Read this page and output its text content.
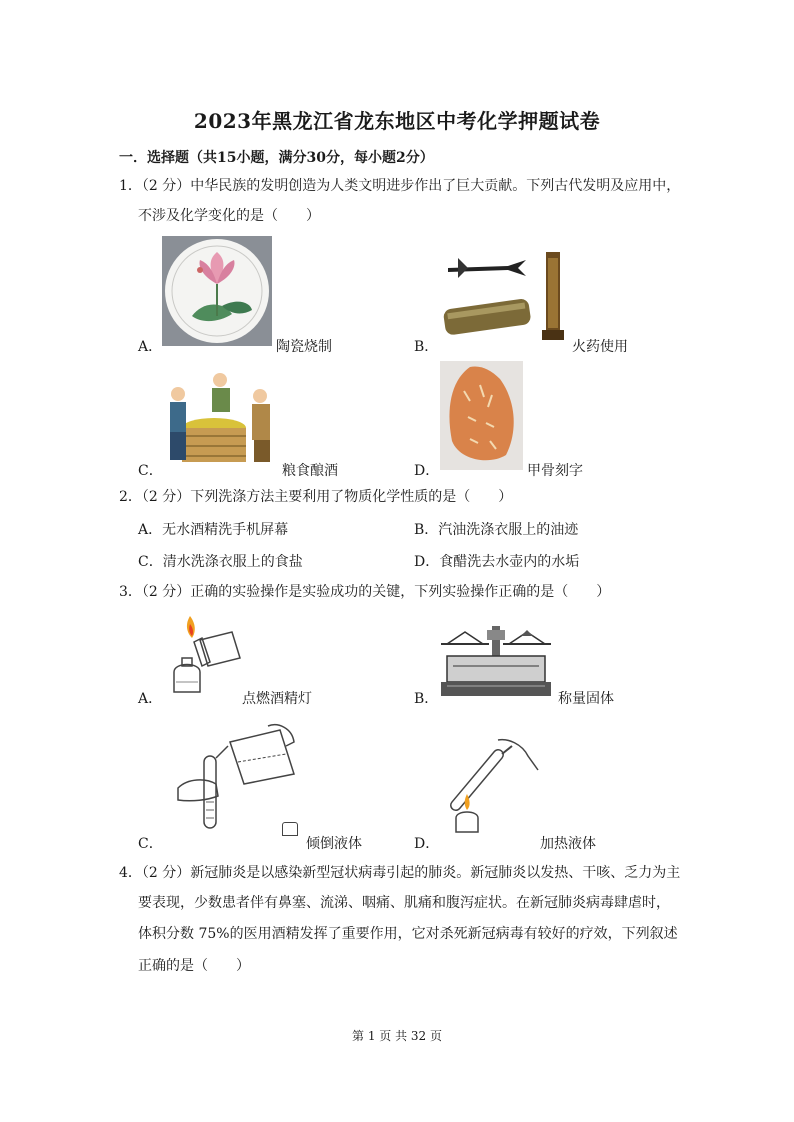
2023年黑龙江省龙东地区中考化学押题试卷
一．选择题（共15小题，满分30分，每小题2分）
1．（2 分）中华民族的发明创造为人类文明进步作出了巨大贡献。下列古代发明及应用中，
不涉及化学变化的是（　　）
A．	陶瓷烧制	B．	火药使用
C．	粮食酿酒	D．	甲骨刻字
2．（2 分）下列洗涤方法主要利用了物质化学性质的是（　　）
A．无水酒精洗手机屏幕	B．汽油洗涤衣服上的油迹
C．清水洗涤衣服上的食盐	D．食醋洗去水壶内的水垢
3．（2 分）正确的实验操作是实验成功的关键，下列实验操作正确的是（　　）
A．	点燃酒精灯	B．	称量固体
C．	倾倒液体	D．	加热液体
4．（2 分）新冠肺炎是以感染新型冠状病毒引起的肺炎。新冠肺炎以发热、干咳、乏力为主
要表现，少数患者伴有鼻塞、流涕、咽痛、肌痛和腹泻症状。在新冠肺炎病毒肆虐时，
体积分数 75%的医用酒精发挥了重要作用，它对杀死新冠病毒有较好的疗效，下列叙述
正确的是（　　）
第 1 页 共 32 页
